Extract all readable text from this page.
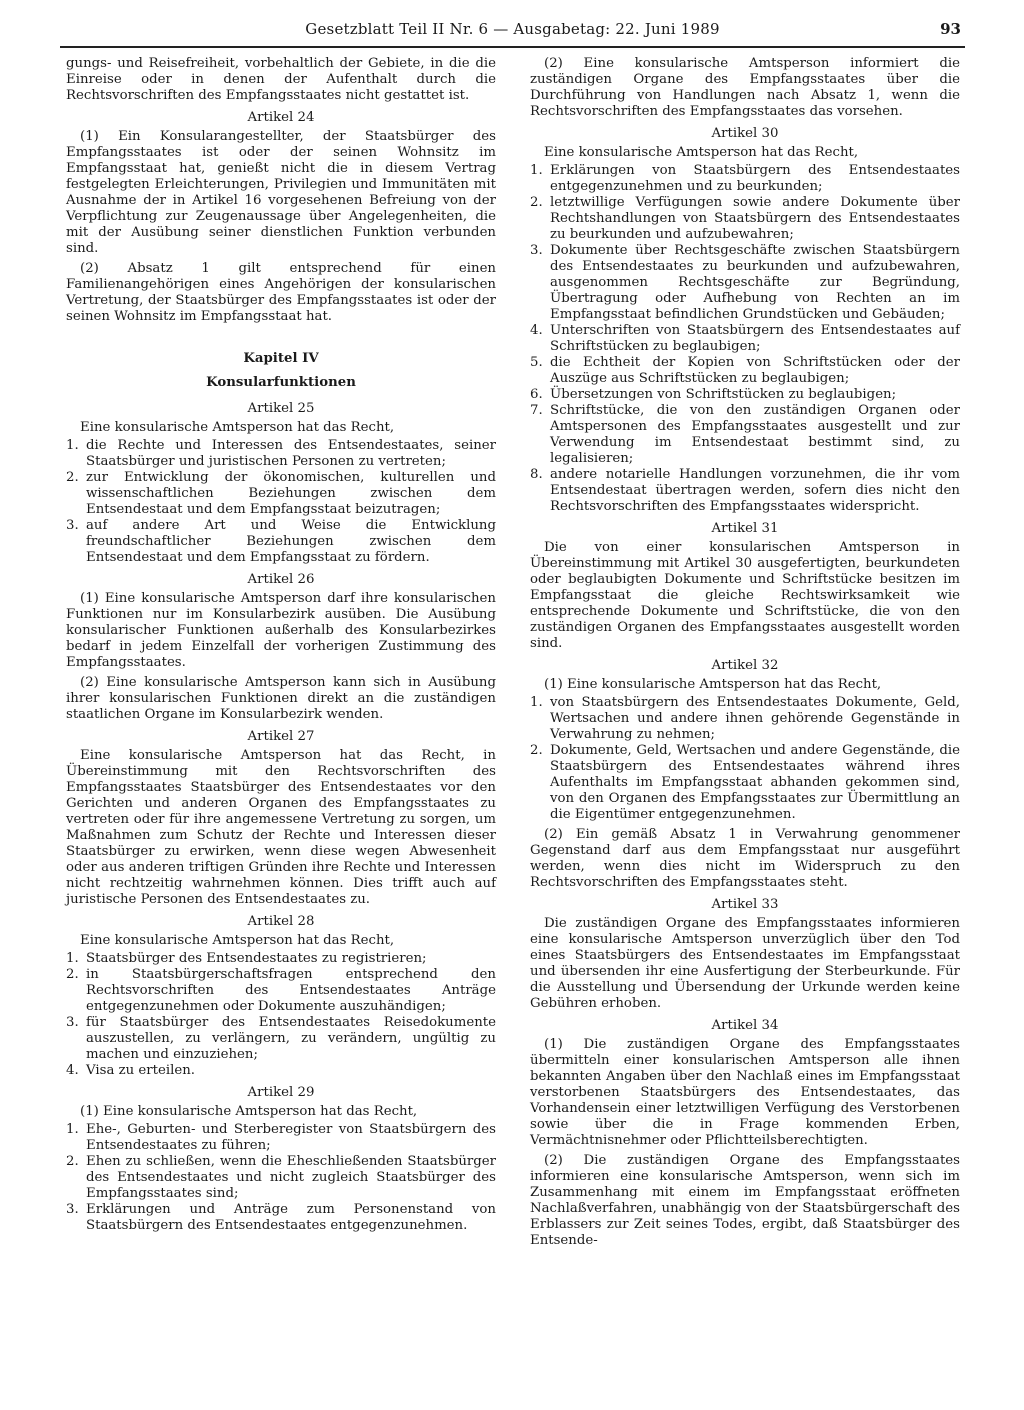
Gesetzblatt Teil II Nr. 6 — Ausgabetag: 22. Juni 1989	93

gungs- und Reisefreiheit, vorbehaltlich der Gebiete, in die die Einreise oder in denen der Aufenthalt durch die Rechtsvorschriften des Empfangsstaates nicht gestattet ist.

Artikel 24

(1) Ein Konsularangestellter, der Staatsbürger des Empfangsstaates ist oder der seinen Wohnsitz im Empfangsstaat hat, genießt nicht die in diesem Vertrag festgelegten Erleichterungen, Privilegien und Immunitäten mit Ausnahme der in Artikel 16 vorgesehenen Befreiung von der Verpflichtung zur Zeugenaussage über Angelegenheiten, die mit der Ausübung seiner dienstlichen Funktion verbunden sind.

(2) Absatz 1 gilt entsprechend für einen Familienangehörigen eines Angehörigen der konsularischen Vertretung, der Staatsbürger des Empfangsstaates ist oder der seinen Wohnsitz im Empfangsstaat hat.

Kapitel IV
Konsularfunktionen
Artikel 25

Eine konsularische Amtsperson hat das Recht,

1. die Rechte und Interessen des Entsendestaates, seiner Staatsbürger und juristischen Personen zu vertreten;
2. zur Entwicklung der ökonomischen, kulturellen und wissenschaftlichen Beziehungen zwischen dem Entsendestaat und dem Empfangsstaat beizutragen;
3. auf andere Art und Weise die Entwicklung freundschaftlicher Beziehungen zwischen dem Entsendestaat und dem Empfangsstaat zu fördern.
Artikel 26

(1) Eine konsularische Amtsperson darf ihre konsularischen Funktionen nur im Konsularbezirk ausüben. Die Ausübung konsularischer Funktionen außerhalb des Konsularbezirkes bedarf in jedem Einzelfall der vorherigen Zustimmung des Empfangsstaates.

(2) Eine konsularische Amtsperson kann sich in Ausübung ihrer konsularischen Funktionen direkt an die zuständigen staatlichen Organe im Konsularbezirk wenden.

Artikel 27

Eine konsularische Amtsperson hat das Recht, in Übereinstimmung mit den Rechtsvorschriften des Empfangsstaates Staatsbürger des Entsendestaates vor den Gerichten und anderen Organen des Empfangsstaates zu vertreten oder für ihre angemessene Vertretung zu sorgen, um Maßnahmen zum Schutz der Rechte und Interessen dieser Staatsbürger zu erwirken, wenn diese wegen Abwesenheit oder aus anderen triftigen Gründen ihre Rechte und Interessen nicht rechtzeitig wahrnehmen können. Dies trifft auch auf juristische Personen des Entsendestaates zu.

Artikel 28

Eine konsularische Amtsperson hat das Recht,

1. Staatsbürger des Entsendestaates zu registrieren;
2. in Staatsbürgerschaftsfragen entsprechend den Rechtsvorschriften des Entsendestaates Anträge entgegenzunehmen oder Dokumente auszuhändigen;
3. für Staatsbürger des Entsendestaates Reisedokumente auszustellen, zu verlängern, zu verändern, ungültig zu machen und einzuziehen;
4. Visa zu erteilen.
Artikel 29

(1) Eine konsularische Amtsperson hat das Recht,

1. Ehe-, Geburten- und Sterberegister von Staatsbürgern des Entsendestaates zu führen;
2. Ehen zu schließen, wenn die Eheschließenden Staatsbürger des Entsendestaates und nicht zugleich Staatsbürger des Empfangsstaates sind;
3. Erklärungen und Anträge zum Personenstand von Staatsbürgern des Entsendestaates entgegenzunehmen.

(2) Eine konsularische Amtsperson informiert die zuständigen Organe des Empfangsstaates über die Durchführung von Handlungen nach Absatz 1, wenn die Rechtsvorschriften des Empfangsstaates das vorsehen.

Artikel 30

Eine konsularische Amtsperson hat das Recht,

1. Erklärungen von Staatsbürgern des Entsendestaates entgegenzunehmen und zu beurkunden;
2. letztwillige Verfügungen sowie andere Dokumente über Rechtshandlungen von Staatsbürgern des Entsendestaates zu beurkunden und aufzubewahren;
3. Dokumente über Rechtsgeschäfte zwischen Staatsbürgern des Entsendestaates zu beurkunden und aufzubewahren, ausgenommen Rechtsgeschäfte zur Begründung, Übertragung oder Aufhebung von Rechten an im Empfangsstaat befindlichen Grundstücken und Gebäuden;
4. Unterschriften von Staatsbürgern des Entsendestaates auf Schriftstücken zu beglaubigen;
5. die Echtheit der Kopien von Schriftstücken oder der Auszüge aus Schriftstücken zu beglaubigen;
6. Übersetzungen von Schriftstücken zu beglaubigen;
7. Schriftstücke, die von den zuständigen Organen oder Amtspersonen des Empfangsstaates ausgestellt und zur Verwendung im Entsendestaat bestimmt sind, zu legalisieren;
8. andere notarielle Handlungen vorzunehmen, die ihr vom Entsendestaat übertragen werden, sofern dies nicht den Rechtsvorschriften des Empfangsstaates widerspricht.
Artikel 31

Die von einer konsularischen Amtsperson in Übereinstimmung mit Artikel 30 ausgefertigten, beurkundeten oder beglaubigten Dokumente und Schriftstücke besitzen im Empfangsstaat die gleiche Rechtswirksamkeit wie entsprechende Dokumente und Schriftstücke, die von den zuständigen Organen des Empfangsstaates ausgestellt worden sind.

Artikel 32

(1) Eine konsularische Amtsperson hat das Recht,

1. von Staatsbürgern des Entsendestaates Dokumente, Geld, Wertsachen und andere ihnen gehörende Gegenstände in Verwahrung zu nehmen;
2. Dokumente, Geld, Wertsachen und andere Gegenstände, die Staatsbürgern des Entsendestaates während ihres Aufenthalts im Empfangsstaat abhanden gekommen sind, von den Organen des Empfangsstaates zur Übermittlung an die Eigentümer entgegenzunehmen.

(2) Ein gemäß Absatz 1 in Verwahrung genommener Gegenstand darf aus dem Empfangsstaat nur ausgeführt werden, wenn dies nicht im Widerspruch zu den Rechtsvorschriften des Empfangsstaates steht.

Artikel 33

Die zuständigen Organe des Empfangsstaates informieren eine konsularische Amtsperson unverzüglich über den Tod eines Staatsbürgers des Entsendestaates im Empfangsstaat und übersenden ihr eine Ausfertigung der Sterbeurkunde. Für die Ausstellung und Übersendung der Urkunde werden keine Gebühren erhoben.

Artikel 34

(1) Die zuständigen Organe des Empfangsstaates übermitteln einer konsularischen Amtsperson alle ihnen bekannten Angaben über den Nachlaß eines im Empfangsstaat verstorbenen Staatsbürgers des Entsendestaates, das Vorhandensein einer letztwilligen Verfügung des Verstorbenen sowie über die in Frage kommenden Erben, Vermächtnisnehmer oder Pflichtteilsberechtigten.

(2) Die zuständigen Organe des Empfangsstaates informieren eine konsularische Amtsperson, wenn sich im Zusammenhang mit einem im Empfangsstaat eröffneten Nachlaßverfahren, unabhängig von der Staatsbürgerschaft des Erblassers zur Zeit seines Todes, ergibt, daß Staatsbürger des Entsende-
